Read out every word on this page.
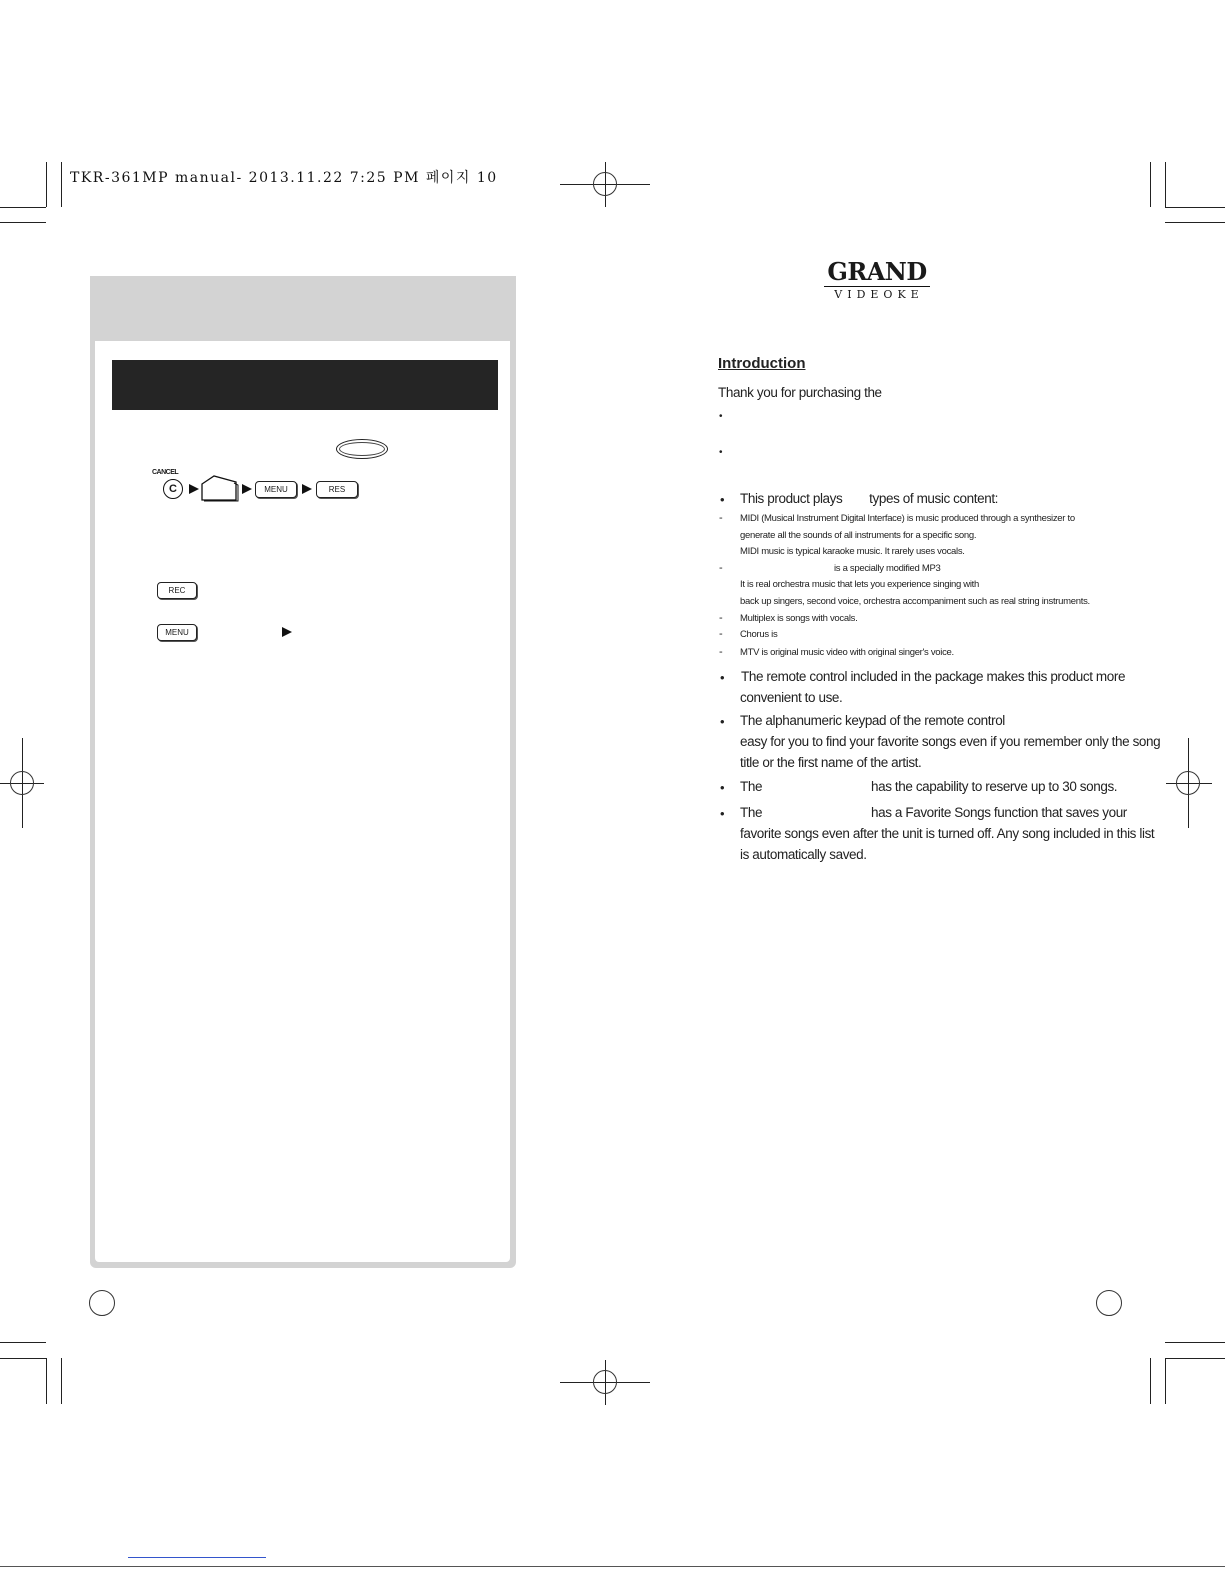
TKR-361MP manual- 2013.11.22 7:25 PM 페이지 10
CANCEL
C	MENU	RES
REC
MENU
GRAND
VIDEOKE
Introduction
Thank you for purchasing the
•
•
• This product plays        types of music content:
- MIDI (Musical Instrument Digital Interface) is music produced through a synthesizer to
generate all the sounds of all instruments for a specific song.
MIDI music is typical karaoke music. It rarely uses vocals.
-	is a specially modified MP3
It is real orchestra music that lets you experience singing with
back up singers, second voice, orchestra accompaniment such as real string instruments.
- Multiplex is songs with vocals.
- Chorus is
- MTV is original music video with original singer's voice.
• The remote control included in the package makes this product more
convenient to use.
• The alphanumeric keypad of the remote control
easy for you to find your favorite songs even if you remember only the song
title or the first name of the artist.
• The	has the capability to reserve up to 30 songs.
• The	has a Favorite Songs function that saves your
favorite songs even after the unit is turned off. Any song included in this list
is automatically saved.
